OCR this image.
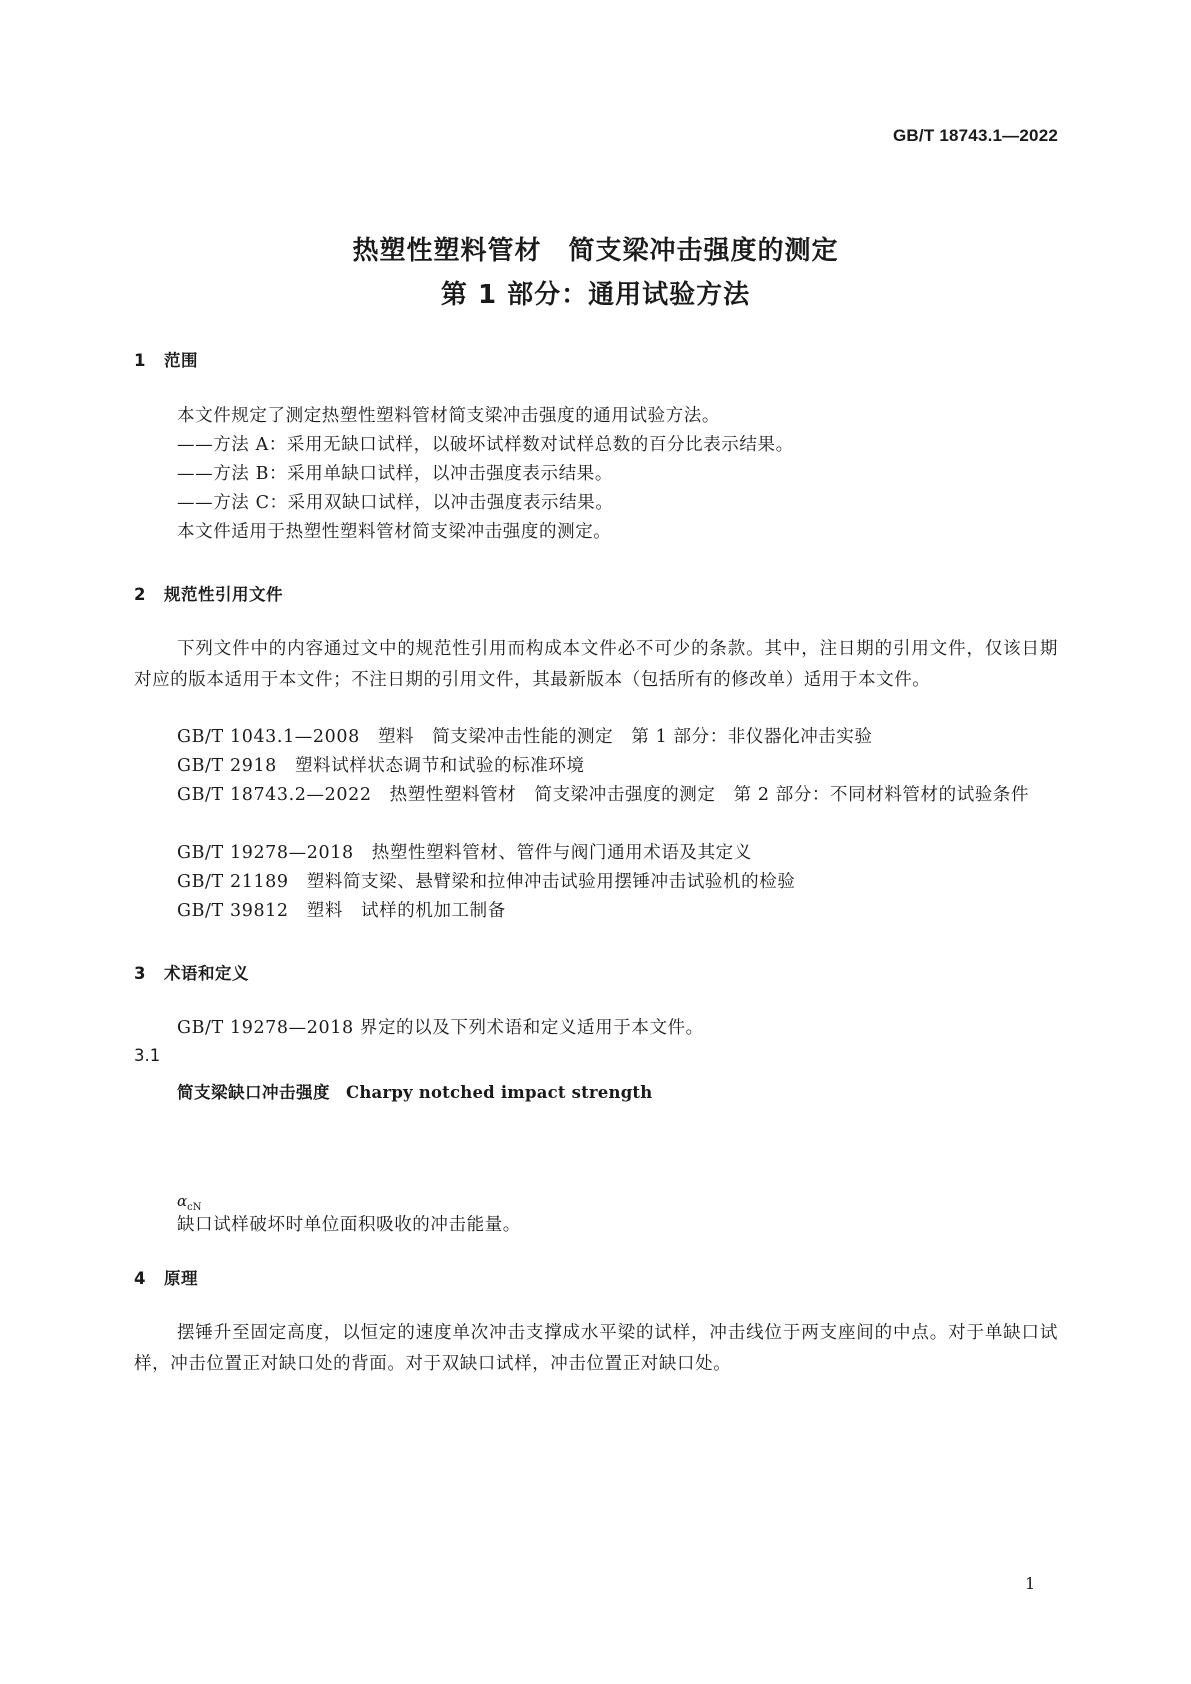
GB/T 18743.1—2022
热塑性塑料管材　简支梁冲击强度的测定
第 1 部分：通用试验方法
1 范围
本文件规定了测定热塑性塑料管材简支梁冲击强度的通用试验方法。
——方法 A：采用无缺口试样，以破坏试样数对试样总数的百分比表示结果。
——方法 B：采用单缺口试样，以冲击强度表示结果。
——方法 C：采用双缺口试样，以冲击强度表示结果。
本文件适用于热塑性塑料管材简支梁冲击强度的测定。
2 规范性引用文件
下列文件中的内容通过文中的规范性引用而构成本文件必不可少的条款。其中，注日期的引用文件，仅该日期对应的版本适用于本文件；不注日期的引用文件，其最新版本（包括所有的修改单）适用于本文件。
GB/T 1043.1—2008　塑料　简支梁冲击性能的测定　第 1 部分：非仪器化冲击实验
GB/T 2918　塑料试样状态调节和试验的标准环境
GB/T 18743.2—2022　热塑性塑料管材　简支梁冲击强度的测定　第 2 部分：不同材料管材的试验条件
GB/T 19278—2018　热塑性塑料管材、管件与阀门通用术语及其定义
GB/T 21189　塑料简支梁、悬臂梁和拉伸冲击试验用摆锤冲击试验机的检验
GB/T 39812　塑料　试样的机加工制备
3 术语和定义
GB/T 19278—2018 界定的以及下列术语和定义适用于本文件。
3.1
简支梁缺口冲击强度 Charpy notched impact strength
$\alpha_{cN}$
缺口试样破坏时单位面积吸收的冲击能量。
4 原理
摆锤升至固定高度，以恒定的速度单次冲击支撑成水平梁的试样，冲击线位于两支座间的中点。对于单缺口试样，冲击位置正对缺口处的背面。对于双缺口试样，冲击位置正对缺口处。
1
